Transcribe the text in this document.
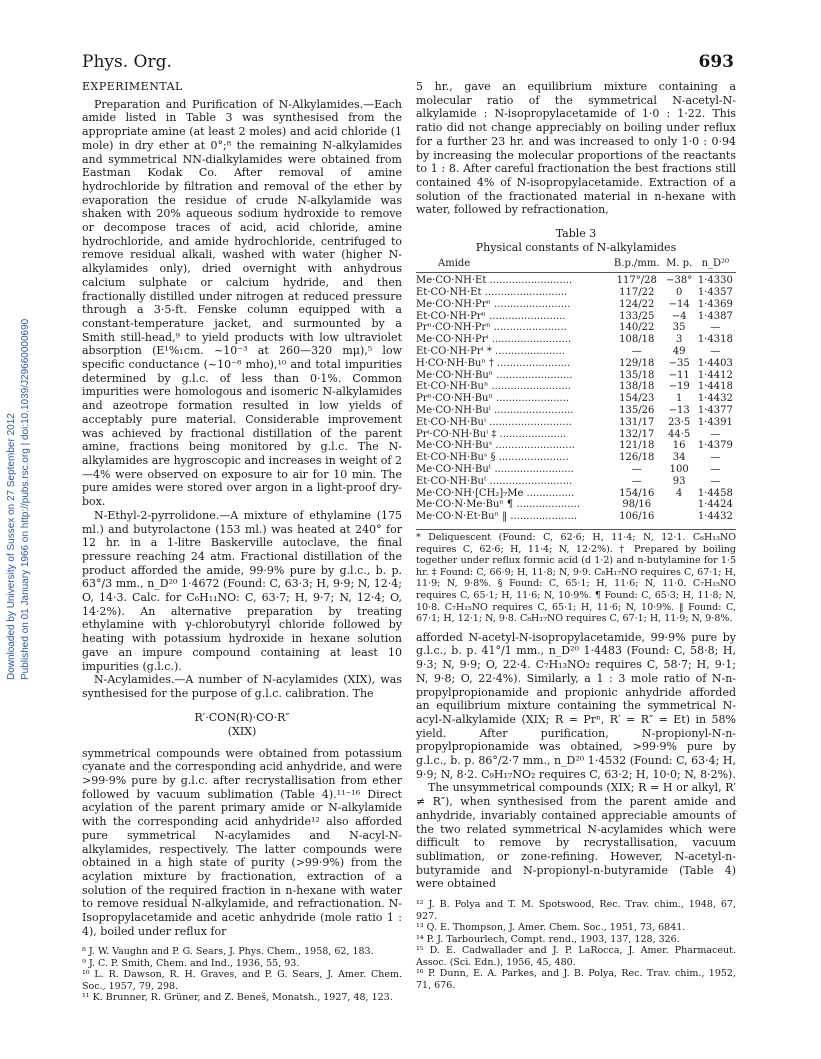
Downloaded by University of Sussex on 27 September 2012 Published on 01 January 1966 on http://pubs.rsc.org | doi:10.1039/J29660000690
Phys. Org.	693
EXPERIMENTAL

Preparation and Purification of N-Alkylamides.—Each amide listed in Table 3 was synthesised from the appropriate amine (at least 2 moles) and acid chloride (1 mole) in dry ether at 0°;⁸ the remaining N-alkylamides and symmetrical NN-dialkylamides were obtained from Eastman Kodak Co. After removal of amine hydrochloride by filtration and removal of the ether by evaporation the residue of crude N-alkylamide was shaken with 20% aqueous sodium hydroxide to remove or decompose traces of acid, acid chloride, amine hydrochloride, and amide hydrochloride, centrifuged to remove residual alkali, washed with water (higher N-alkylamides only), dried overnight with anhydrous calcium sulphate or calcium hydride, and then fractionally distilled under nitrogen at reduced pressure through a 3·5-ft. Fenske column equipped with a constant-temperature jacket, and surmounted by a Smith still-head,⁹ to yield products with low ultraviolet absorption (E¹%₁cm. ~10⁻³ at 260—320 mμ),⁵ low specific conductance (~10⁻⁸ mho),¹⁰ and total impurities determined by g.l.c. of less than 0·1%. Common impurities were homologous and isomeric N-alkylamides and azeotrope formation resulted in low yields of acceptably pure material. Considerable improvement was achieved by fractional distillation of the parent amine, fractions being monitored by g.l.c. The N-alkylamides are hygroscopic and increases in weight of 2—4% were observed on exposure to air for 10 min. The pure amides were stored over argon in a light-proof dry-box.

N-Ethyl-2-pyrrolidone.—A mixture of ethylamine (175 ml.) and butyrolactone (153 ml.) was heated at 240° for 12 hr. in a 1-litre Baskerville autoclave, the final pressure reaching 24 atm. Fractional distillation of the product afforded the amide, 99·9% pure by g.l.c., b. p. 63°/3 mm., n_D²⁰ 1·4672 (Found: C, 63·3; H, 9·9; N, 12·4; O, 14·3. Calc. for C₆H₁₁NO: C, 63·7; H, 9·7; N, 12·4; O, 14·2%). An alternative preparation by treating ethylamine with γ-chlorobutyryl chloride followed by heating with potassium hydroxide in hexane solution gave an impure compound containing at least 10 impurities (g.l.c.).

N-Acylamides.—A number of N-acylamides (XIX), was synthesised for the purpose of g.l.c. calibration. The

R′·CON(R)·CO·R″
(XIX)

symmetrical compounds were obtained from potassium cyanate and the corresponding acid anhydride, and were >99·9% pure by g.l.c. after recrystallisation from ether followed by vacuum sublimation (Table 4).¹¹⁻¹⁶ Direct acylation of the parent primary amide or N-alkylamide with the corresponding acid anhydride¹² also afforded pure symmetrical N-acylamides and N-acyl-N-alkylamides, respectively. The latter compounds were obtained in a high state of purity (>99·9%) from the acylation mixture by fractionation, extraction of a solution of the required fraction in n-hexane with water to remove residual N-alkylamide, and refractionation. N-Isopropylacetamide and acetic anhydride (mole ratio 1 : 4), boiled under reflux for

⁸ J. W. Vaughn and P. G. Sears, J. Phys. Chem., 1958, 62, 183.

⁹ J. C. P. Smith, Chem. and Ind., 1936, 55, 93.

¹⁰ L. R. Dawson, R. H. Graves, and P. G. Sears, J. Amer. Chem. Soc., 1957, 79, 298.

¹¹ K. Brunner, R. Grüner, and Z. Beneš, Monatsh., 1927, 48, 123.

5 hr., gave an equilibrium mixture containing a molecular ratio of the symmetrical N-acetyl-N-alkylamide : N-isopropylacetamide of 1·0 : 1·22. This ratio did not change appreciably on boiling under reflux for a further 23 hr. and was increased to only 1·0 : 0·94 by increasing the molecular proportions of the reactants to 1 : 8. After careful fractionation the best fractions still contained 4% of N-isopropylacetamide. Extraction of a solution of the fractionated material in n-hexane with water, followed by refractionation,

Table 3
Physical constants of N-alkylamides
Amide	B.p./mm.	M. p.	n_D²⁰
Me·CO·NH·Et ..........................	117°/28	−38°	1·4330
Et·CO·NH·Et ..........................	117/22	0	1·4357
Me·CO·NH·Prⁿ ........................	124/22	−14	1·4369
Et·CO·NH·Prⁿ ........................	133/25	−4	1·4387
Prⁿ·CO·NH·Prⁿ .......................	140/22	35	—
Me·CO·NH·Prⁱ .........................	108/18	3	1·4318
Et·CO·NH·Prⁱ * ......................	—	49	—
H·CO·NH·Buⁿ † .......................	129/18	−35	1·4403
Me·CO·NH·Buⁿ ........................	135/18	−11	1·4412
Et·CO·NH·Buⁿ .........................	138/18	−19	1·4418
Prⁿ·CO·NH·Buⁿ .......................	154/23	1	1·4432
Me·CO·NH·Buⁱ .........................	135/26	−13	1·4377
Et·CO·NH·Buⁱ ..........................	131/17	23·5	1·4391
Prⁱ·CO·NH·Buⁱ ‡ .....................	132/17	44·5	—
Me·CO·NH·Buˢ .........................	121/18	16	1·4379
Et·CO·NH·Buˢ § ......................	126/18	34	—
Me·CO·NH·Buᵗ .........................	—	100	—
Et·CO·NH·Buᵗ ..........................	—	93	—
Me·CO·NH·[CH₂]₇Me ...............	154/16	4	1·4458
Me·CO·N·Me·Buⁿ ¶ ....................	98/16		1·4424
Me·CO·N·Et·Buⁿ ‖ .....................	106/16		1·4432
* Deliquescent (Found: C, 62·6; H, 11·4; N, 12·1. C₆H₁₃NO requires C, 62·6; H, 11·4; N, 12·2%). † Prepared by boiling together under reflux formic acid (d 1·2) and n-butylamine for 1·5 hr. ‡ Found: C, 66·9; H, 11·8; N, 9·9. C₈H₁₇NO requires C, 67·1; H, 11·9; N, 9·8%. § Found: C, 65·1; H, 11·6; N, 11·0. C₇H₁₅NO requires C, 65·1; H, 11·6; N, 10·9%. ¶ Found: C, 65·3; H, 11·8; N, 10·8. C₇H₁₅NO requires C, 65·1; H, 11·6; N, 10·9%. ‖ Found: C, 67·1; H, 12·1; N, 9·8. C₈H₁₇NO requires C, 67·1; H, 11·9; N, 9·8%.

afforded N-acetyl-N-isopropylacetamide, 99·9% pure by g.l.c., b. p. 41°/1 mm., n_D²⁰ 1·4483 (Found: C, 58·8; H, 9·3; N, 9·9; O, 22·4. C₇H₁₃NO₂ requires C, 58·7; H, 9·1; N, 9·8; O, 22·4%). Similarly, a 1 : 3 mole ratio of N-n-propylpropionamide and propionic anhydride afforded an equilibrium mixture containing the symmetrical N-acyl-N-alkylamide (XIX; R = Prⁿ, R′ = R″ = Et) in 58% yield. After purification, N-propionyl-N-n-propylpropionamide was obtained, >99·9% pure by g.l.c., b. p. 86°/2·7 mm., n_D²⁰ 1·4532 (Found: C, 63·4; H, 9·9; N, 8·2. C₉H₁₇NO₂ requires C, 63·2; H, 10·0; N, 8·2%).

The unsymmetrical compounds (XIX; R = H or alkyl, R′ ≠ R″), when synthesised from the parent amide and anhydride, invariably contained appreciable amounts of the two related symmetrical N-acylamides which were difficult to remove by recrystallisation, vacuum sublimation, or zone-refining. However, N-acetyl-n-butyramide and N-propionyl-n-butyramide (Table 4) were obtained

¹² J. B. Polya and T. M. Spotswood, Rec. Trav. chim., 1948, 67, 927.

¹³ Q. E. Thompson, J. Amer. Chem. Soc., 1951, 73, 6841.

¹⁴ P. J. Tarbourlech, Compt. rend., 1903, 137, 128, 326.

¹⁵ D. E. Cadwallader and J. P. LaRocca, J. Amer. Pharmaceut. Assoc. (Sci. Edn.), 1956, 45, 480.

¹⁶ P. Dunn, E. A. Parkes, and J. B. Polya, Rec. Trav. chim., 1952, 71, 676.
